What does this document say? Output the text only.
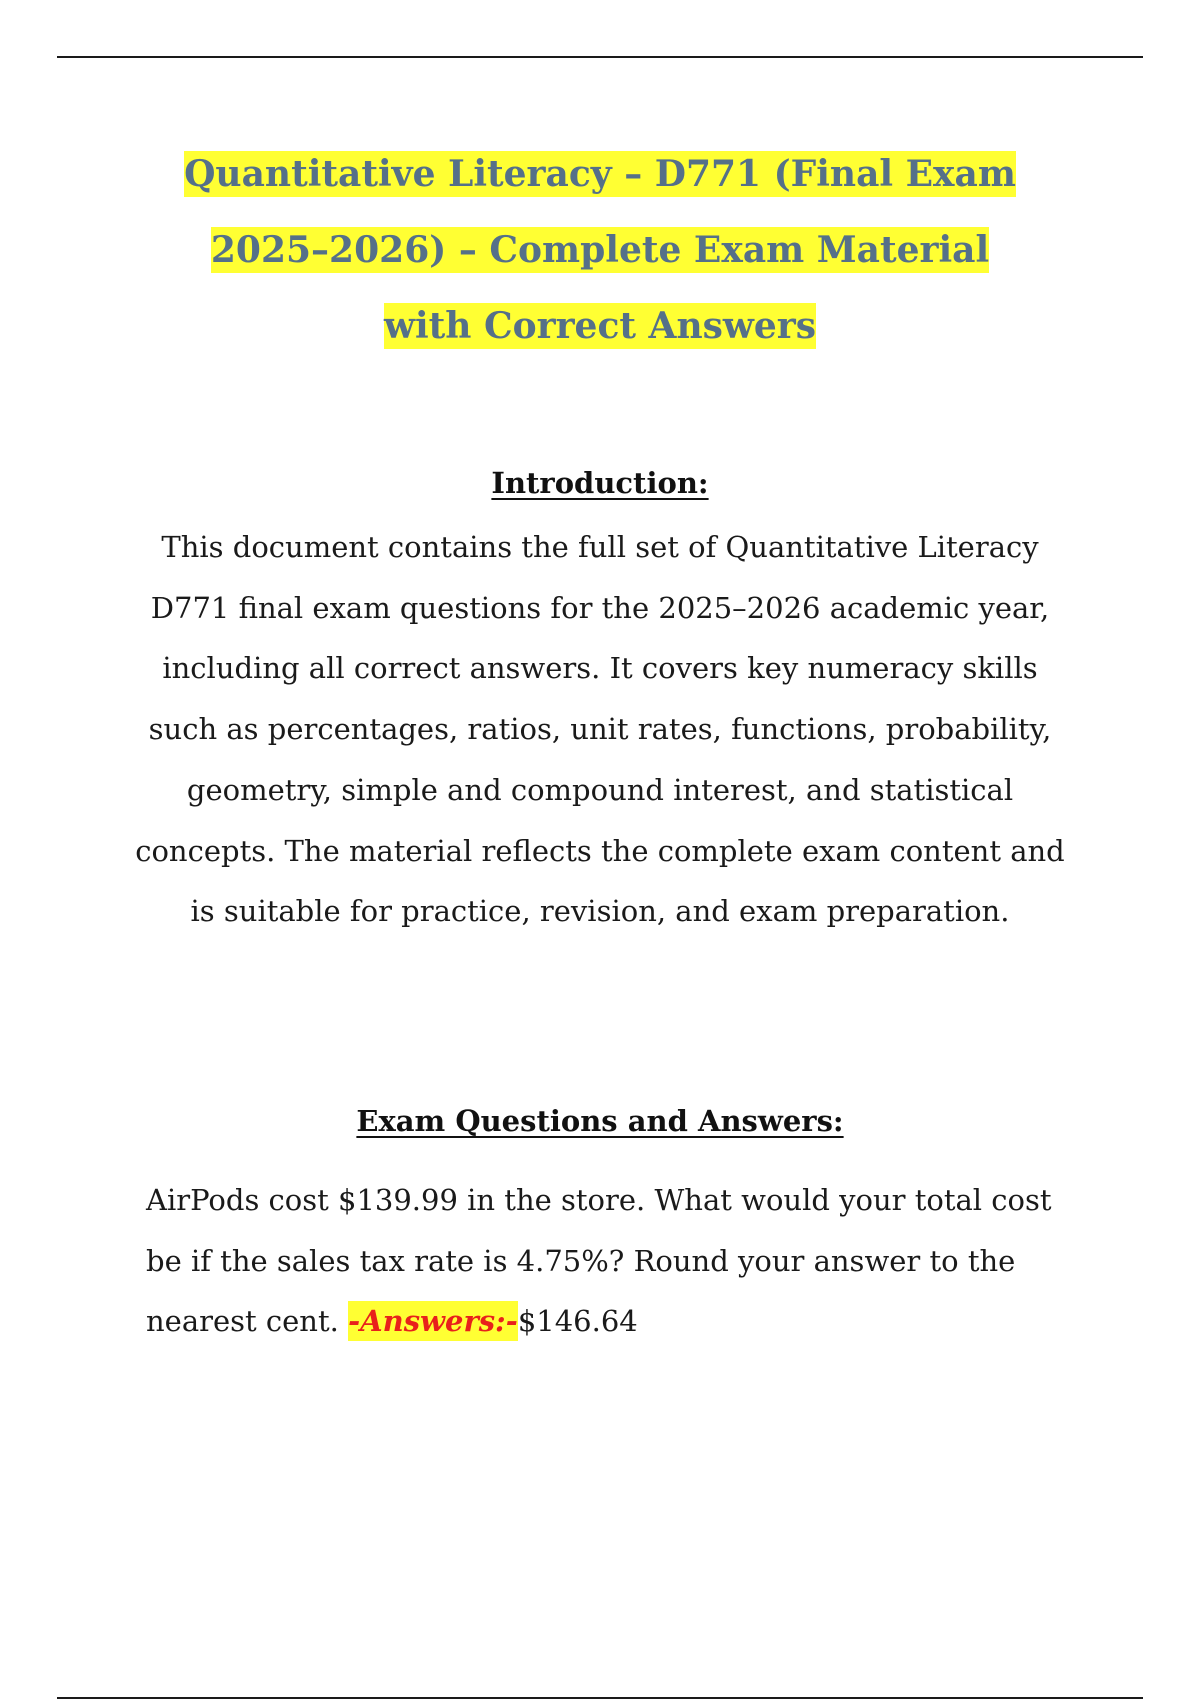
Quantitative Literacy – D771 (Final Exam
2025–2026) – Complete Exam Material
with Correct Answers
Introduction:

This document contains the full set of Quantitative Literacy D771 final exam questions for the 2025–2026 academic year, including all correct answers. It covers key numeracy skills such as percentages, ratios, unit rates, functions, probability, geometry, simple and compound interest, and statistical concepts. The material reflects the complete exam content and is suitable for practice, revision, and exam preparation.

Exam Questions and Answers:

AirPods cost $139.99 in the store. What would your total cost be if the sales tax rate is 4.75%? Round your answer to the nearest cent. -Answers:-$146.64
